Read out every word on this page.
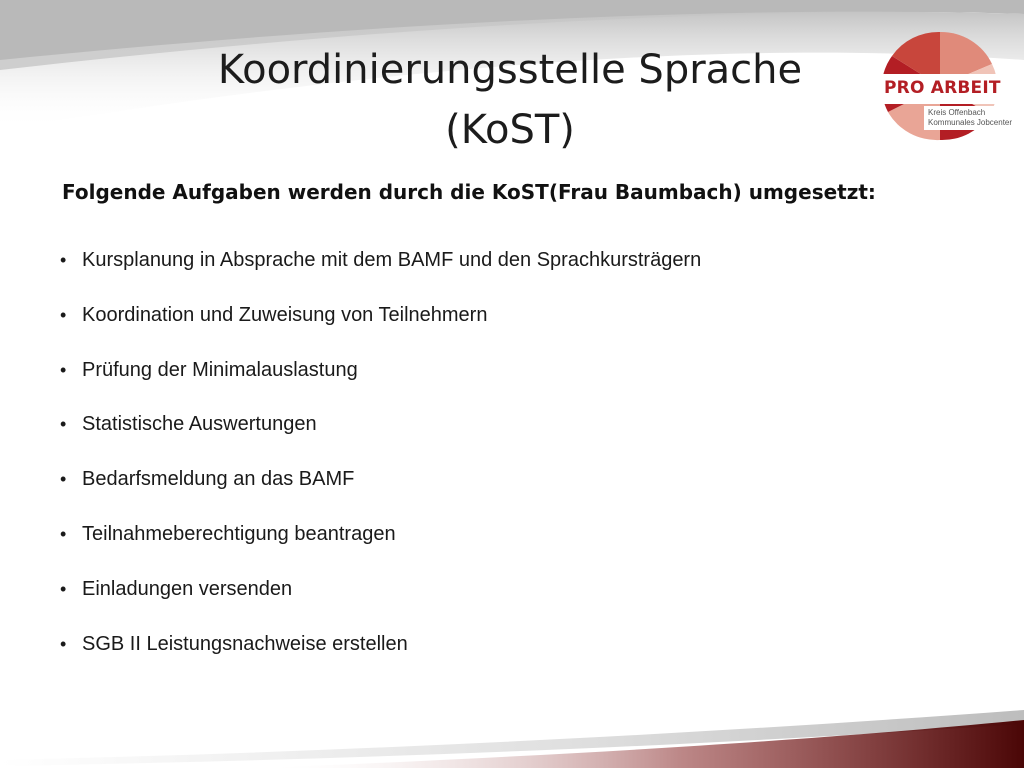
Koordinierungsstelle Sprache
(KoST)
PRO ARBEIT
Kreis Offenbach
Kommunales Jobcenter
Folgende Aufgaben werden durch die KoST(Frau Baumbach) umgesetzt:
• Kursplanung in Absprache mit dem BAMF und den Sprachkursträgern
• Koordination und Zuweisung von Teilnehmern
• Prüfung der Minimalauslastung
• Statistische Auswertungen
• Bedarfsmeldung an das BAMF
• Teilnahmeberechtigung beantragen
• Einladungen versenden
• SGB II Leistungsnachweise erstellen
